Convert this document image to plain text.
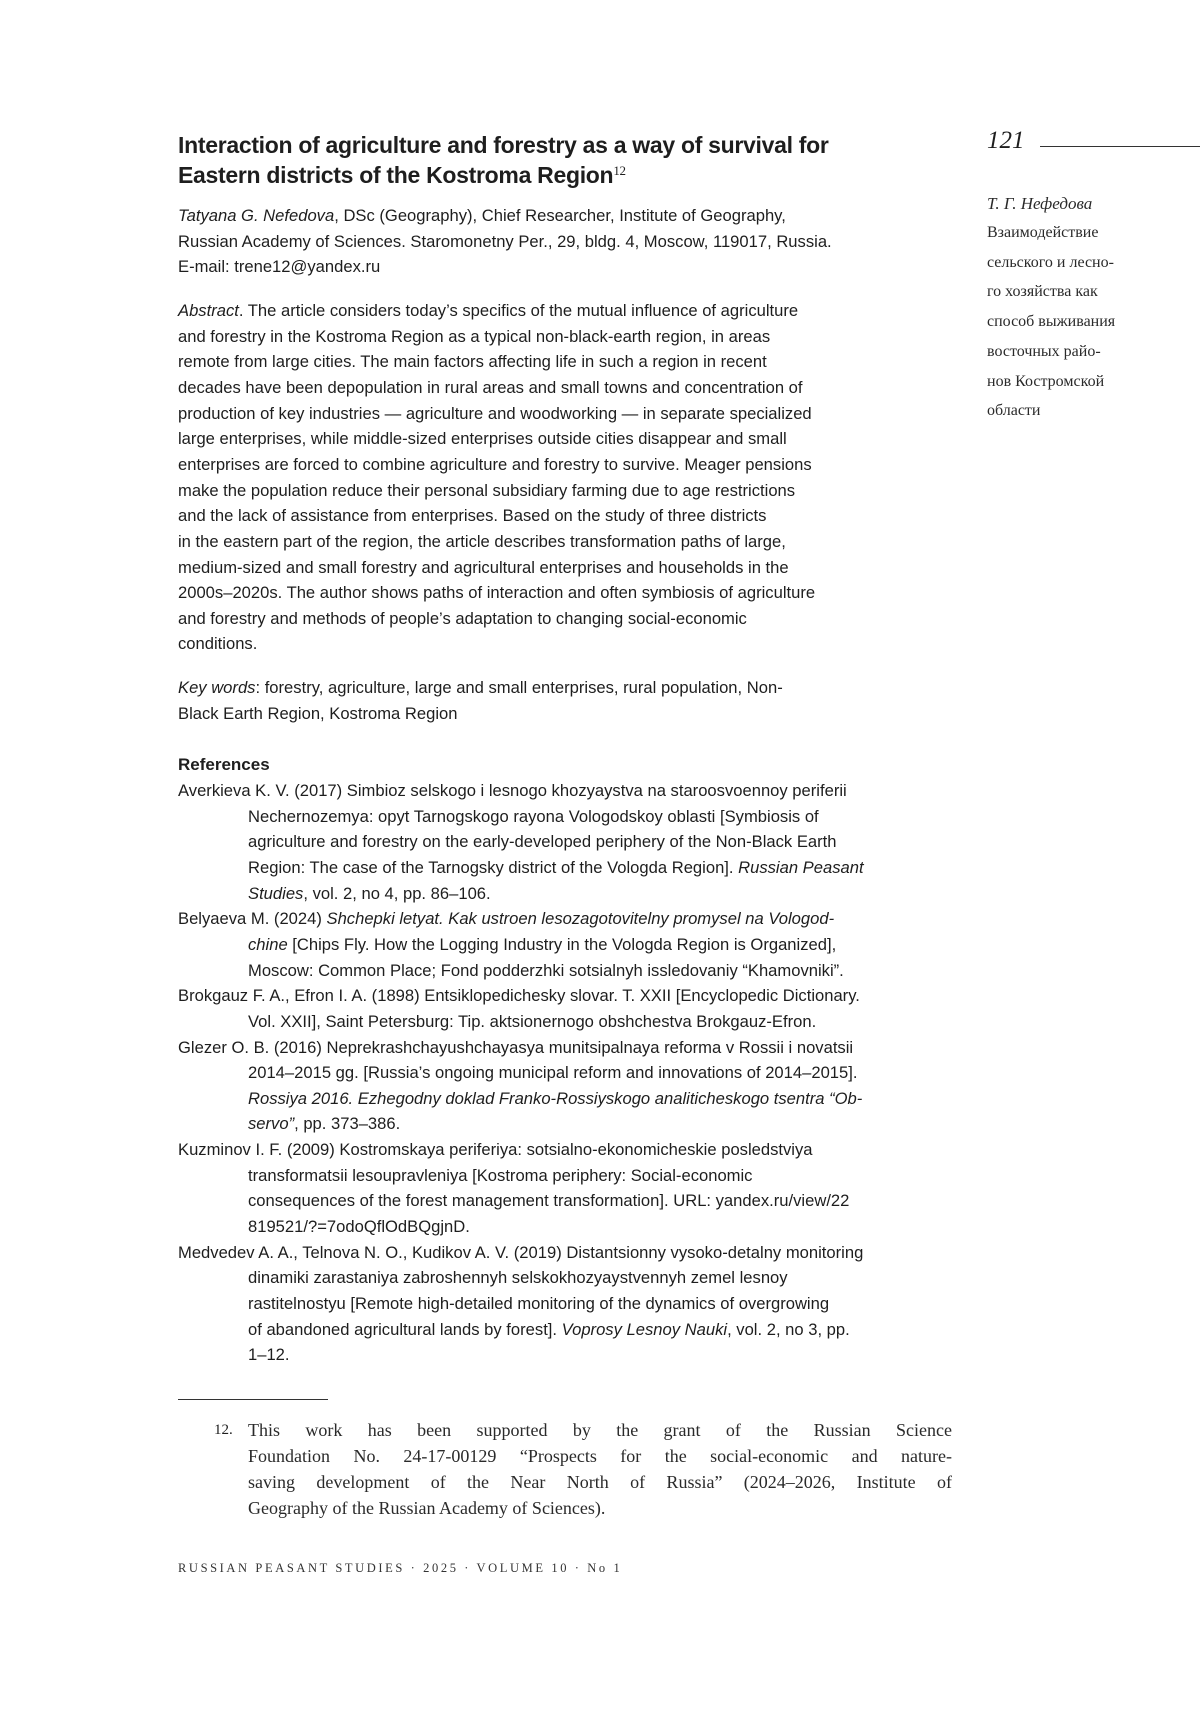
Interaction of agriculture and forestry as a way of survival for
Eastern districts of the Kostroma Region12
121
Т. Г. Нефедова
Взаимодействие
сельского и лесно-
го хозяйства как
способ выживания
восточных райо-
нов Костромской
области
Tatyana G. Nefedova, DSc (Geography), Chief Researcher, Institute of Geography,
Russian Academy of Sciences. Staromonetny Per., 29, bldg. 4, Moscow, 119017, Russia.
E-mail: trene12@yandex.ru
Abstract. The article considers today’s specifics of the mutual influence of agriculture
and forestry in the Kostroma Region as a typical non-black-earth region, in areas
remote from large cities. The main factors affecting life in such a region in recent
decades have been depopulation in rural areas and small towns and concentration of
production of key industries — agriculture and woodworking — in separate specialized
large enterprises, while middle-sized enterprises outside cities disappear and small
enterprises are forced to combine agriculture and forestry to survive. Meager pensions
make the population reduce their personal subsidiary farming due to age restrictions
and the lack of assistance from enterprises. Based on the study of three districts
in the eastern part of the region, the article describes transformation paths of large,
medium-sized and small forestry and agricultural enterprises and households in the
2000s–2020s. The author shows paths of interaction and often symbiosis of agriculture
and forestry and methods of people’s adaptation to changing social-economic
conditions.
Key words: forestry, agriculture, large and small enterprises, rural population, Non-
Black Earth Region, Kostroma Region
References
Averkieva K. V. (2017) Simbioz selskogo i lesnogo khozyaystva na staroosvoennoy periferii
Nechernozemya: opyt Tarnogskogo rayona Vologodskoy oblasti [Symbiosis of
agriculture and forestry on the early-developed periphery of the Non-Black Earth
Region: The case of the Tarnogsky district of the Vologda Region]. Russian Peasant
Studies, vol. 2, no 4, pp. 86–106.
Belyaeva M. (2024) Shchepki letyat. Kak ustroen lesozagotovitelny promysel na Vologod-
chine [Chips Fly. How the Logging Industry in the Vologda Region is Organized],
Moscow: Common Place; Fond podderzhki sotsialnyh issledovaniy “Khamovniki”.
Brokgauz F. A., Efron I. A. (1898) Entsiklopedichesky slovar. T. XXII [Encyclopedic Dictionary.
Vol. XXII], Saint Petersburg: Tip. aktsionernogo obshchestva Brokgauz-Efron.
Glezer O. B. (2016) Neprekrashchayushchayasya munitsipalnaya reforma v Rossii i novatsii
2014–2015 gg. [Russia’s ongoing municipal reform and innovations of 2014–2015].
Rossiya 2016. Ezhegodny doklad Franko-Rossiyskogo analiticheskogo tsentra “Ob-
servo”, pp. 373–386.
Kuzminov I. F. (2009) Kostromskaya periferiya: sotsialno-ekonomicheskie posledstviya
transformatsii lesoupravleniya [Kostroma periphery: Social-economic
consequences of the forest management transformation]. URL: yandex.ru/view/22
819521/?=7odoQflOdBQgjnD.
Medvedev A. A., Telnova N. O., Kudikov A. V. (2019) Distantsionny vysoko-detalny monitoring
dinamiki zarastaniya zabroshennyh selskokhozyaystvennyh zemel lesnoy
rastitelnostyu [Remote high-detailed monitoring of the dynamics of overgrowing
of abandoned agricultural lands by forest]. Voprosy Lesnoy Nauki, vol. 2, no 3, pp.
1–12.
12. This work has been supported by the grant of the Russian Science
Foundation No. 24-17-00129 “Prospects for the social-economic and nature-
saving development of the Near North of Russia” (2024–2026, Institute of
Geography of the Russian Academy of Sciences).
RUSSIAN PEASANT STUDIES · 2025 · VOLUME 10 · No 1
